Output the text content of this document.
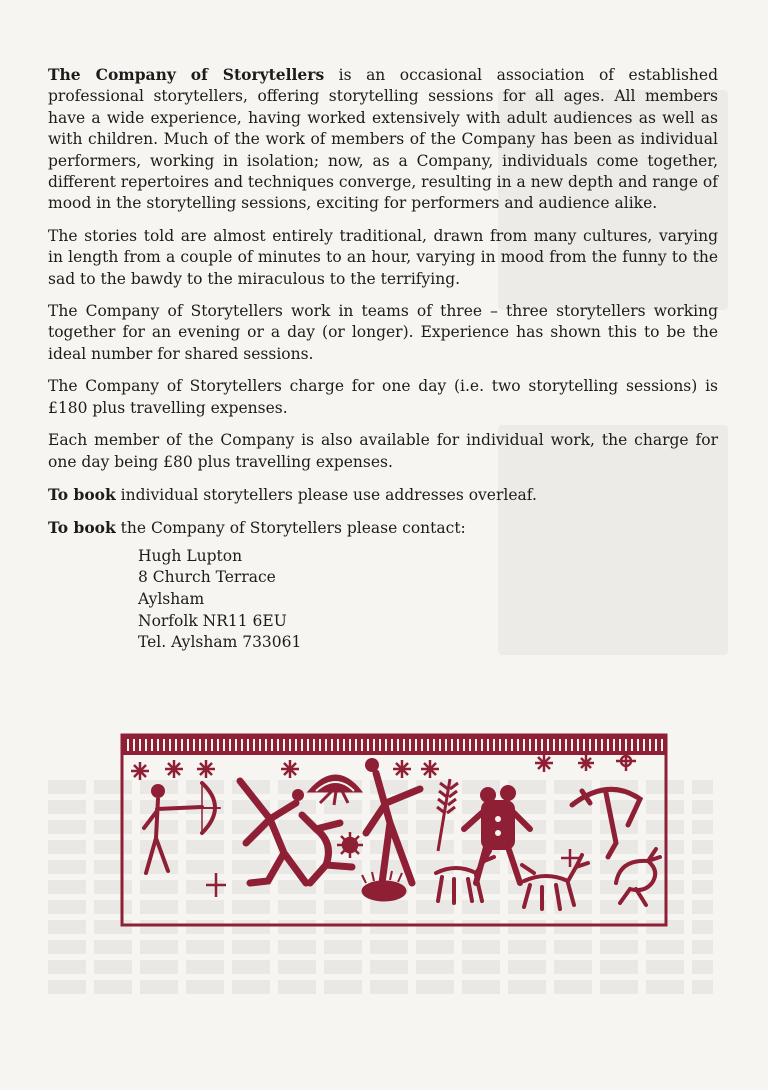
The Company of Storytellers is an occasional association of established professional storytellers, offering storytelling sessions for all ages. All members have a wide experience, having worked extensively with adult audiences as well as with children. Much of the work of members of the Company has been as individual performers, working in isolation; now, as a Company, individuals come together, different repertoires and techniques converge, resulting in a new depth and range of mood in the storytelling sessions, exciting for performers and audience alike.

The stories told are almost entirely traditional, drawn from many cultures, varying in length from a couple of minutes to an hour, varying in mood from the funny to the sad to the bawdy to the miraculous to the terrifying.

The Company of Storytellers work in teams of three – three storytellers working together for an evening or a day (or longer). Experience has shown this to be the ideal number for shared sessions.

The Company of Storytellers charge for one day (i.e. two storytelling sessions) is £180 plus travelling expenses.

Each member of the Company is also available for individual work, the charge for one day being £80 plus travelling expenses.

To book individual storytellers please use addresses overleaf.

To book the Company of Storytellers please contact:

Hugh Lupton
8 Church Terrace
Aylsham
Norfolk NR11 6EU
Tel. Aylsham 733061
